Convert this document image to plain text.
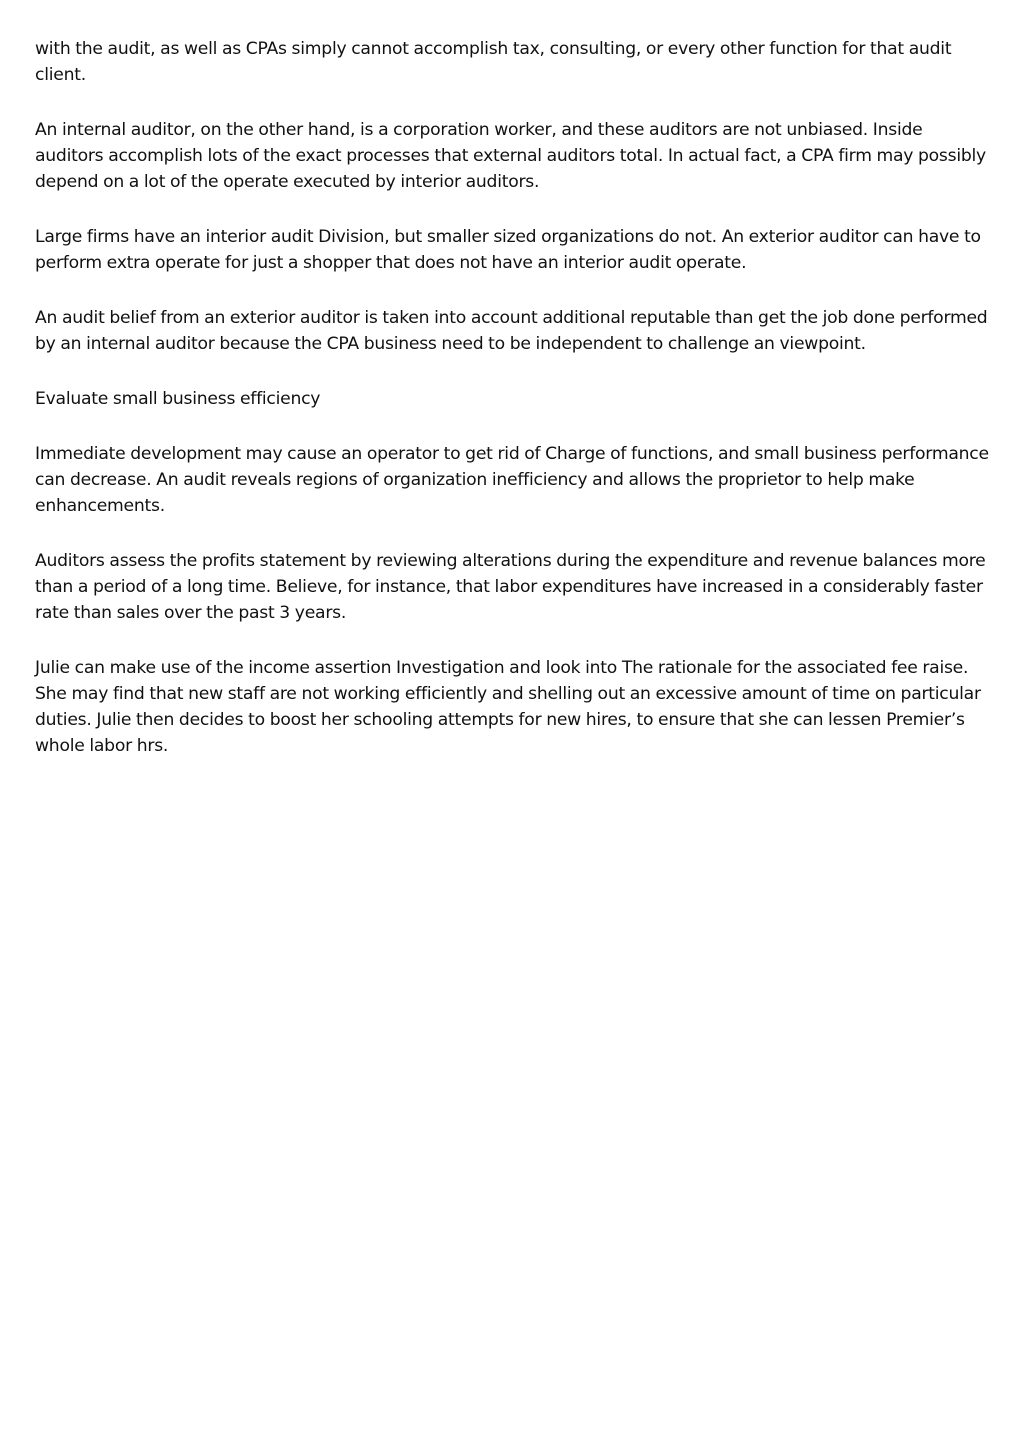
with the audit, as well as CPAs simply cannot accomplish tax, consulting, or every other function for that audit client.

An internal auditor, on the other hand, is a corporation worker, and these auditors are not unbiased. Inside auditors accomplish lots of the exact processes that external auditors total. In actual fact, a CPA firm may possibly depend on a lot of the operate executed by interior auditors.

Large firms have an interior audit Division, but smaller sized organizations do not. An exterior auditor can have to perform extra operate for just a shopper that does not have an interior audit operate.

An audit belief from an exterior auditor is taken into account additional reputable than get the job done performed by an internal auditor because the CPA business need to be independent to challenge an viewpoint.

Evaluate small business efficiency

Immediate development may cause an operator to get rid of Charge of functions, and small business performance can decrease. An audit reveals regions of organization inefficiency and allows the proprietor to help make enhancements.

Auditors assess the profits statement by reviewing alterations during the expenditure and revenue balances more than a period of a long time. Believe, for instance, that labor expenditures have increased in a considerably faster rate than sales over the past 3 years.

Julie can make use of the income assertion Investigation and look into The rationale for the associated fee raise. She may find that new staff are not working efficiently and shelling out an excessive amount of time on particular duties. Julie then decides to boost her schooling attempts for new hires, to ensure that she can lessen Premier’s whole labor hrs.
